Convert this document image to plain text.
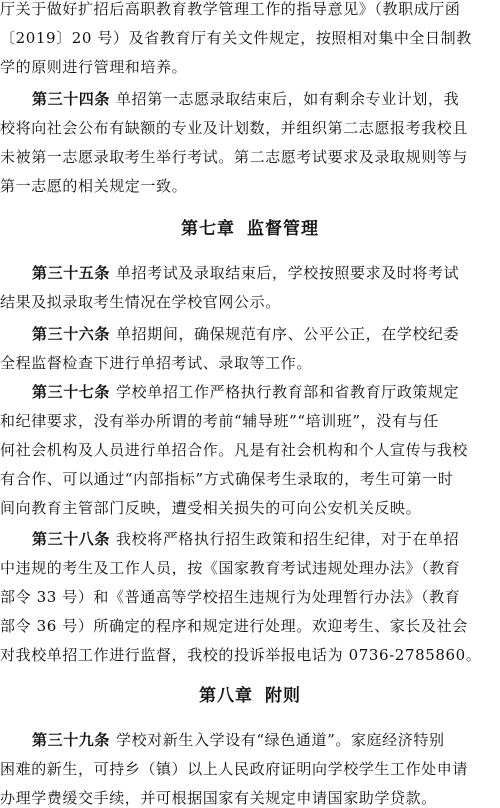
厅关于做好扩招后高职教育教学管理工作的指导意见》（教职成厅函
〔2019〕20 号）及省教育厅有关文件规定，按照相对集中全日制教
学的原则进行管理和培养。
第三十四条 单招第一志愿录取结束后，如有剩余专业计划，我
校将向社会公布有缺额的专业及计划数，并组织第二志愿报考我校且
未被第一志愿录取考生举行考试。第二志愿考试要求及录取规则等与
第一志愿的相关规定一致。
第七章 监督管理
第三十五条 单招考试及录取结束后，学校按照要求及时将考试
结果及拟录取考生情况在学校官网公示。
第三十六条 单招期间，确保规范有序、公平公正，在学校纪委
全程监督检查下进行单招考试、录取等工作。
第三十七条 学校单招工作严格执行教育部和省教育厅政策规定
和纪律要求，没有举办所谓的考前“辅导班”“培训班”，没有与任
何社会机构及人员进行单招合作。凡是有社会机构和个人宣传与我校
有合作、可以通过“内部指标”方式确保考生录取的，考生可第一时
间向教育主管部门反映，遭受相关损失的可向公安机关反映。
第三十八条 我校将严格执行招生政策和招生纪律，对于在单招
中违规的考生及工作人员，按《国家教育考试违规处理办法》（教育
部令 33 号）和《普通高等学校招生违规行为处理暂行办法》（教育
部令 36 号）所确定的程序和规定进行处理。欢迎考生、家长及社会
对我校单招工作进行监督，我校的投诉举报电话为 0736-2785860。
第八章 附则
第三十九条 学校对新生入学设有“绿色通道”。家庭经济特别
困难的新生，可持乡（镇）以上人民政府证明向学校学生工作处申请
办理学费缓交手续，并可根据国家有关规定申请国家助学贷款。
